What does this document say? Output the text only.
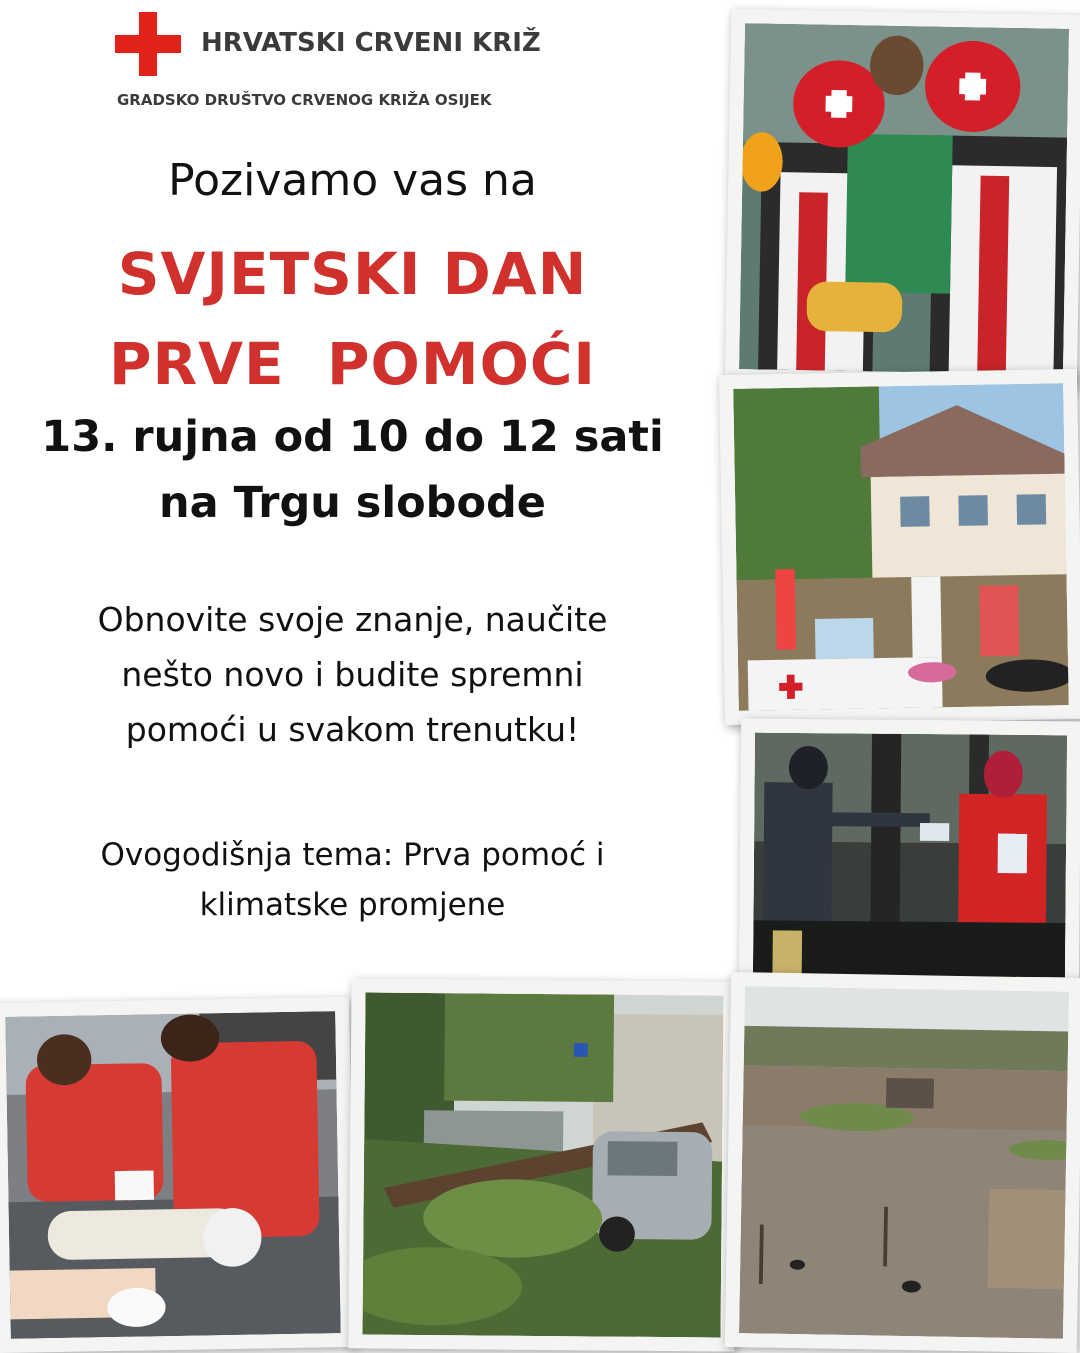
HRVATSKI CRVENI KRIŽ
GRADSKO DRUŠTVO CRVENOG KRIŽA OSIJEK
Pozivamo vas na
SVJETSKI DAN
PRVE  POMOĆI
13. rujna od 10 do 12 sati
na Trgu slobode
Obnovite svoje znanje, naučite
nešto novo i budite spremni
pomoći u svakom trenutku!
Ovogodišnja tema: Prva pomoć i
klimatske promjene
